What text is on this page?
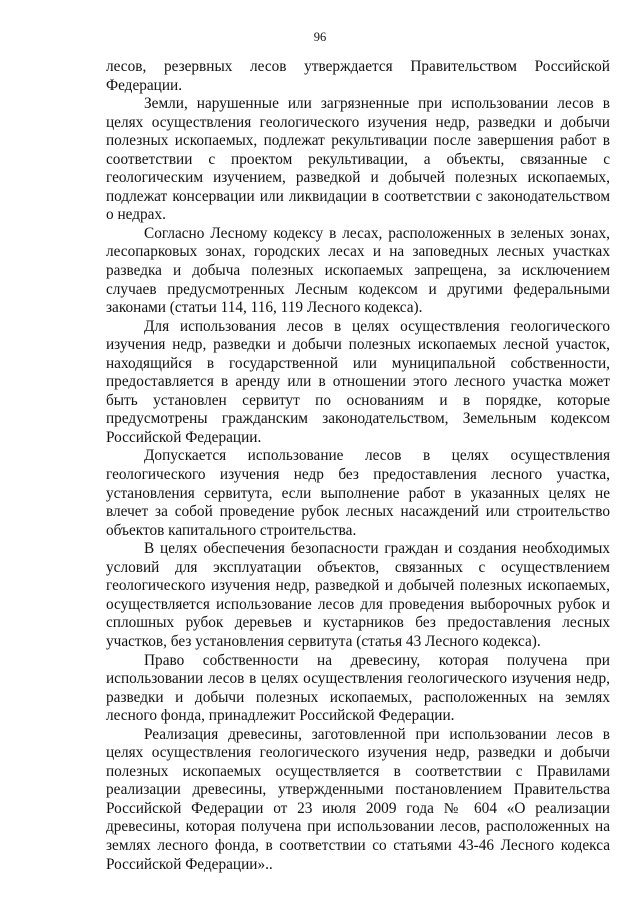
96

лесов, резервных лесов утверждается Правительством Российской Федерации.

Земли, нарушенные или загрязненные при использовании лесов в целях осуществления геологического изучения недр, разведки и добычи полезных ископаемых, подлежат рекультивации после завершения работ в соответствии с проектом рекультивации, а объекты, связанные с геологическим изучением, разведкой и добычей полезных ископаемых, подлежат консервации или ликвидации в соответствии с законодательством о недрах.

Согласно Лесному кодексу в лесах, расположенных в зеленых зонах, лесопарковых зонах, городских лесах и на заповедных лесных участках разведка и добыча полезных ископаемых запрещена, за исключением случаев предусмотренных Лесным кодексом и другими федеральными законами (статьи 114, 116, 119 Лесного кодекса).

Для использования лесов в целях осуществления геологического изучения недр, разведки и добычи полезных ископаемых лесной участок, находящийся в государственной или муниципальной собственности, предоставляется в аренду или в отношении этого лесного участка может быть установлен сервитут по основаниям и в порядке, которые предусмотрены гражданским законодательством, Земельным кодексом Российской Федерации.

Допускается использование лесов в целях осуществления геологического изучения недр без предоставления лесного участка, установления сервитута, если выполнение работ в указанных целях не влечет за собой проведение рубок лесных насаждений или строительство объектов капитального строительства.

В целях обеспечения безопасности граждан и создания необходимых условий для эксплуатации объектов, связанных с осуществлением геологического изучения недр, разведкой и добычей полезных ископаемых, осуществляется использование лесов для проведения выборочных рубок и сплошных рубок деревьев и кустарников без предоставления лесных участков, без установления сервитута (статья 43 Лесного кодекса).

Право собственности на древесину, которая получена при использовании лесов в целях осуществления геологического изучения недр, разведки и добычи полезных ископаемых, расположенных на землях лесного фонда, принадлежит Российской Федерации.

Реализация древесины, заготовленной при использовании лесов в целях осуществления геологического изучения недр, разведки и добычи полезных ископаемых осуществляется в соответствии с Правилами реализации древесины, утвержденными постановлением Правительства Российской Федерации от 23 июля 2009 года № 604 «О реализации древесины, которая получена при использовании лесов, расположенных на землях лесного фонда, в соответствии со статьями 43-46 Лесного кодекса Российской Федерации»..
